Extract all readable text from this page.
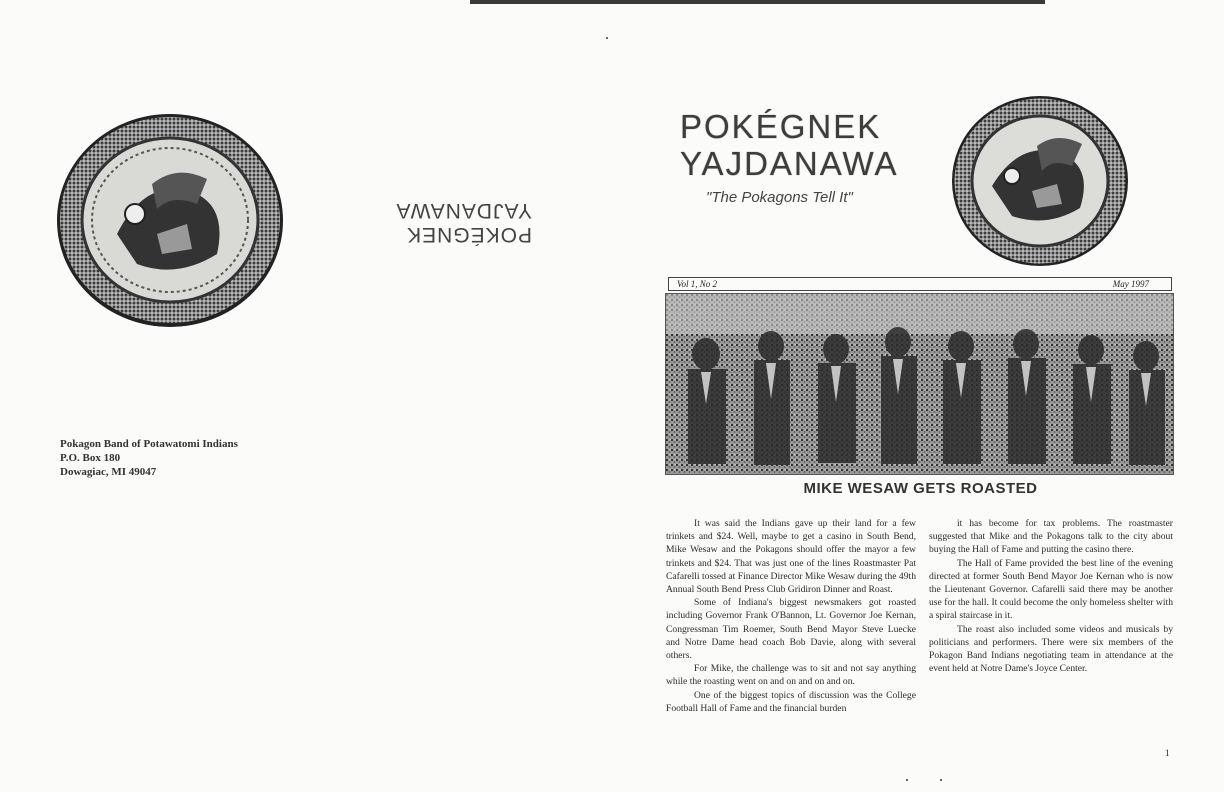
POKÉGNEK
YAJDANAWA
Pokagon Band of Potawatomi Indians
P.O. Box 180
Dowagiac, MI 49047
POKÉGNEK
YAJDANAWA
"The Pokagons Tell It"
Vol 1, No 2	May 1997
MIKE WESAW GETS ROASTED

It was said the Indians gave up their land for a few trinkets and $24. Well, maybe to get a casino in South Bend, Mike Wesaw and the Pokagons should offer the mayor a few trinkets and $24. That was just one of the lines Roastmaster Pat Cafarelli tossed at Finance Director Mike Wesaw during the 49th Annual South Bend Press Club Gridiron Dinner and Roast.

Some of Indiana's biggest newsmakers got roasted including Governor Frank O'Bannon, Lt. Governor Joe Kernan, Congressman Tim Roemer, South Bend Mayor Steve Luecke and Notre Dame head coach Bob Davie, along with several others.

For Mike, the challenge was to sit and not say anything while the roasting went on and on and on and on.

One of the biggest topics of discussion was the College Football Hall of Fame and the financial burden

it has become for tax problems. The roastmaster suggested that Mike and the Pokagons talk to the city about buying the Hall of Fame and putting the casino there.

The Hall of Fame provided the best line of the evening directed at former South Bend Mayor Joe Kernan who is now the Lieutenant Governor. Cafarelli said there may be another use for the hall. It could become the only homeless shelter with a spiral staircase in it.

The roast also included some videos and musicals by politicians and performers. There were six members of the Pokagon Band Indians negotiating team in attendance at the event held at Notre Dame's Joyce Center.

1
